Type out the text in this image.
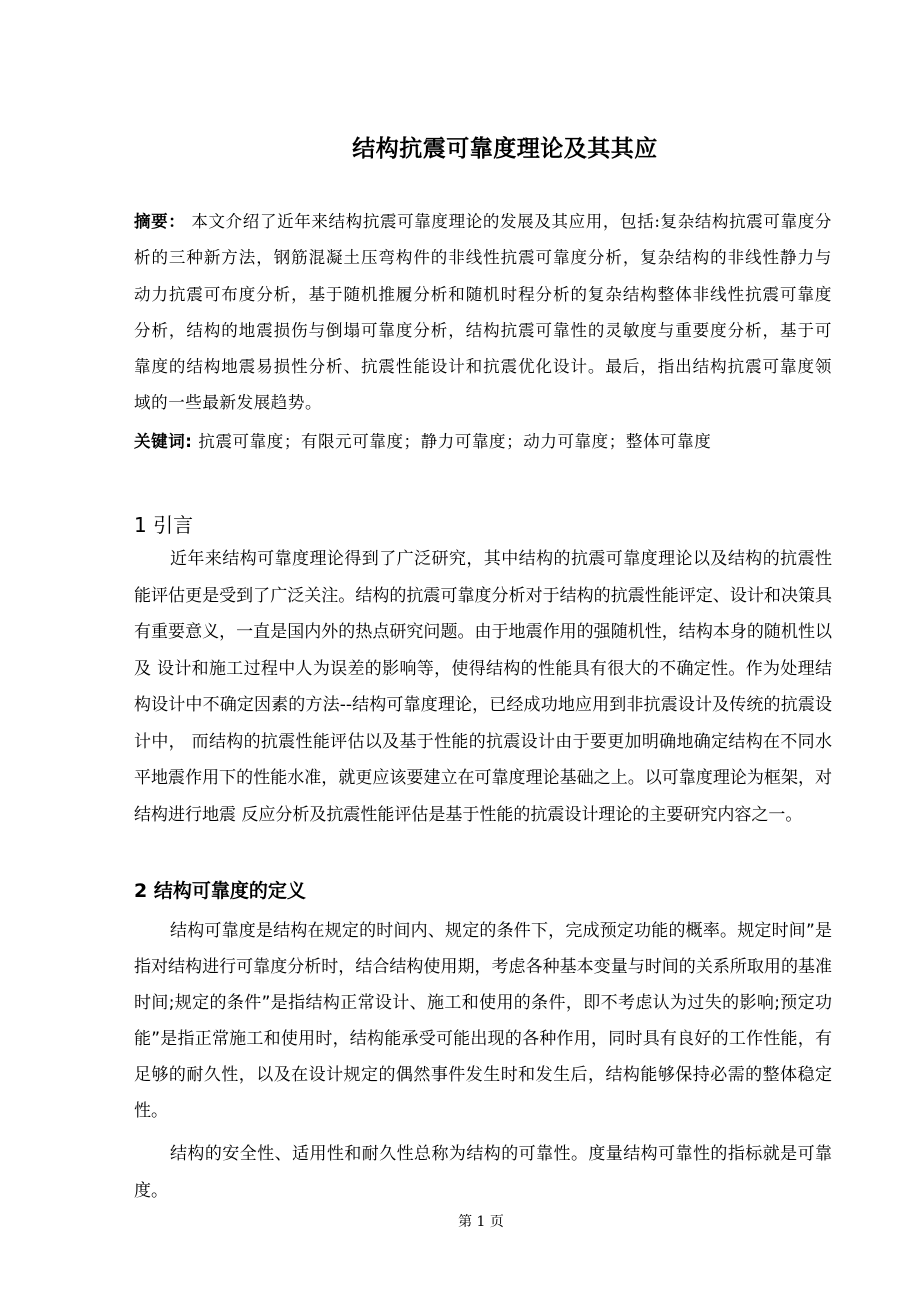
结构抗震可靠度理论及其其应
摘要： 本文介绍了近年来结构抗震可靠度理论的发展及其应用，包括:复杂结构抗震可靠度分析的三种新方法，钢筋混凝土压弯构件的非线性抗震可靠度分析，复杂结构的非线性静力与动力抗震可布度分析，基于随机推履分析和随机时程分析的复杂结构整体非线性抗震可靠度分析，结构的地震损伤与倒塌可靠度分析，结构抗震可靠性的灵敏度与重要度分析，基于可靠度的结构地震易损性分析、抗震性能设计和抗震优化设计。最后，指出结构抗震可靠度领域的一些最新发展趋势。
关键词: 抗震可靠度；有限元可靠度；静力可靠度；动力可靠度；整体可靠度
1 引言
近年来结构可靠度理论得到了广泛研究，其中结构的抗震可靠度理论以及结构的抗震性能评估更是受到了广泛关注。结构的抗震可靠度分析对于结构的抗震性能评定、设计和决策具有重要意义，一直是国内外的热点研究问题。由于地震作用的强随机性，结构本身的随机性以及 设计和施工过程中人为误差的影响等，使得结构的性能具有很大的不确定性。作为处理结构设计中不确定因素的方法--结构可靠度理论，已经成功地应用到非抗震设计及传统的抗震设计中， 而结构的抗震性能评估以及基于性能的抗震设计由于要更加明确地确定结构在不同水平地震作用下的性能水准，就更应该要建立在可靠度理论基础之上。以可靠度理论为框架，对结构进行地震 反应分析及抗震性能评估是基于性能的抗震设计理论的主要研究内容之一。
2 结构可靠度的定义
结构可靠度是结构在规定的时间内、规定的条件下，完成预定功能的概率。规定时间”是指对结构进行可靠度分析时，结合结构使用期，考虑各种基本变量与时间的关系所取用的基准时间;规定的条件”是指结构正常设计、施工和使用的条件，即不考虑认为过失的影响;预定功能”是指正常施工和使用时，结构能承受可能出现的各种作用，同时具有良好的工作性能，有足够的耐久性，以及在设计规定的偶然事件发生时和发生后，结构能够保持必需的整体稳定性。
结构的安全性、适用性和耐久性总称为结构的可靠性。度量结构可靠性的指标就是可靠度。
第 1 页
